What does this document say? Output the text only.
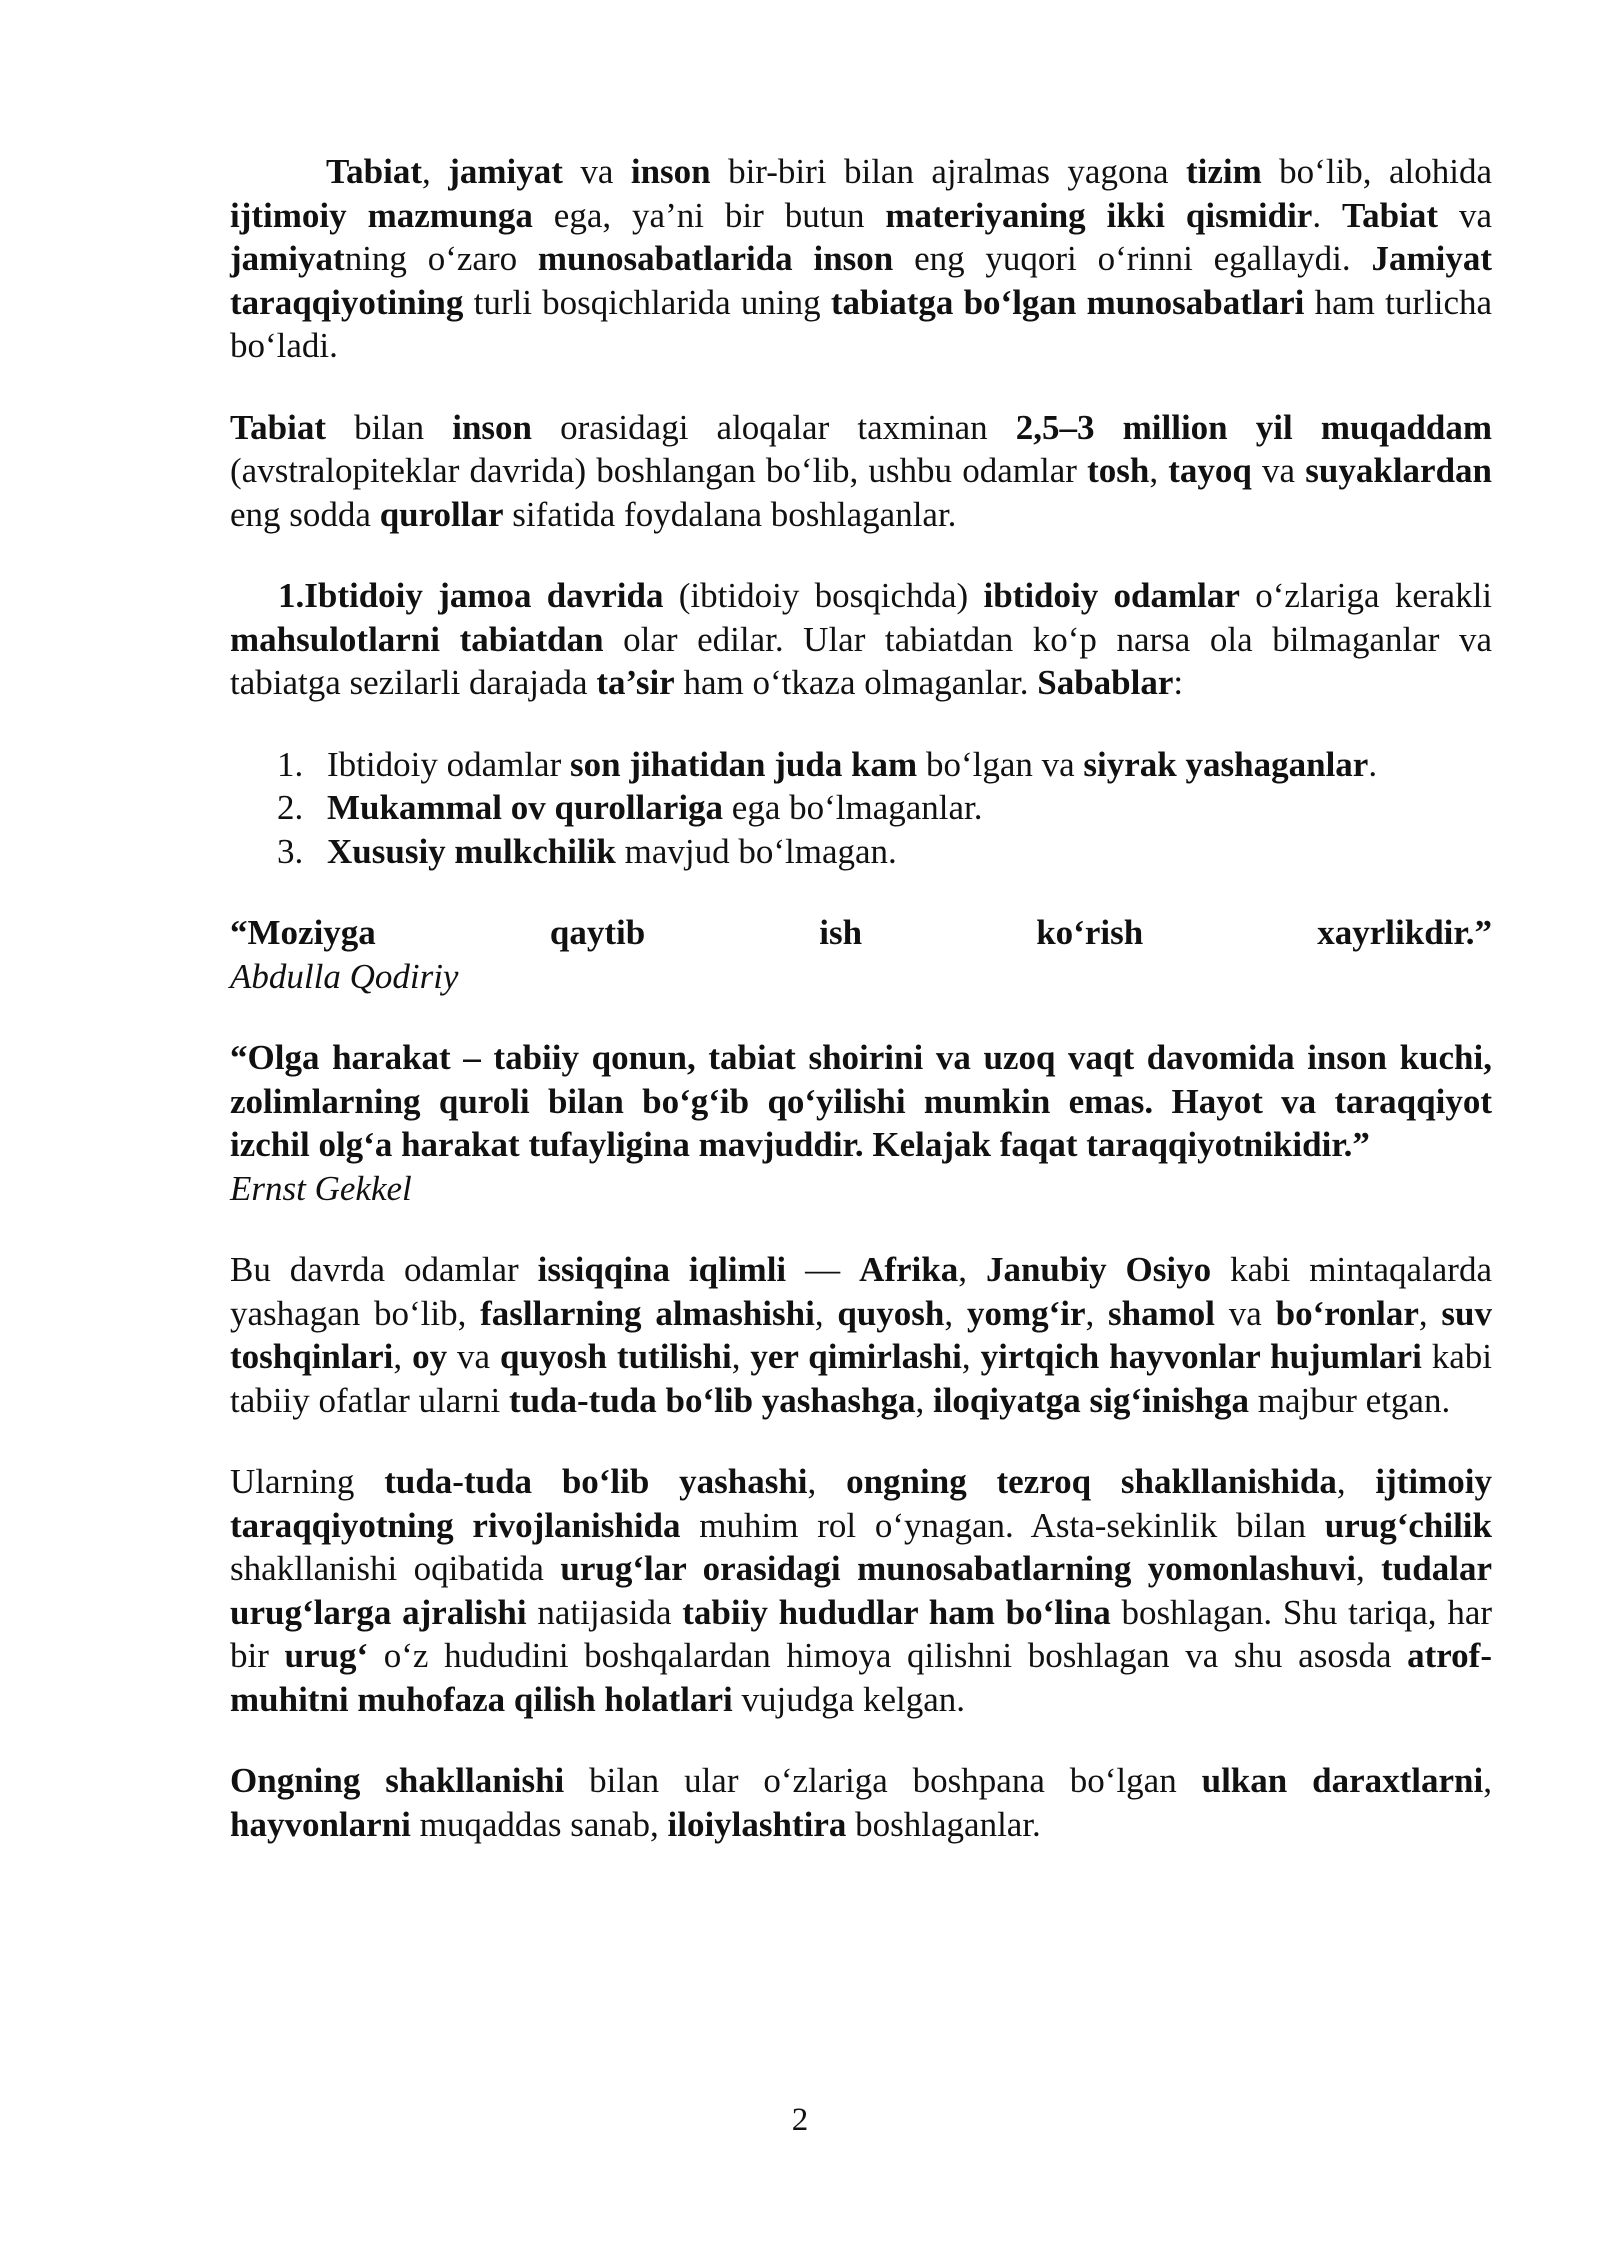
Tabiat, jamiyat va inson bir-biri bilan ajralmas yagona tizim bo‘lib, alohida ijtimoiy mazmunga ega, ya’ni bir butun materiyaning ikki qismidir. Tabiat va jamiyatning o‘zaro munosabatlarida inson eng yuqori o‘rinni egallaydi. Jamiyat taraqqiyotining turli bosqichlarida uning tabiatga bo‘lgan munosabatlari ham turlicha bo‘ladi.

Tabiat bilan inson orasidagi aloqalar taxminan 2,5–3 million yil muqaddam (avstralopiteklar davrida) boshlangan bo‘lib, ushbu odamlar tosh, tayoq va suyaklardan eng sodda qurollar sifatida foydalana boshlaganlar.

1.Ibtidoiy jamoa davrida (ibtidoiy bosqichda) ibtidoiy odamlar o‘zlariga kerakli mahsulotlarni tabiatdan olar edilar. Ular tabiatdan ko‘p narsa ola bilmaganlar va tabiatga sezilarli darajada ta’sir ham o‘tkaza olmaganlar. Sabablar:

1. Ibtidoiy odamlar son jihatidan juda kam bo‘lgan va siyrak yashaganlar.
2. Mukammal ov qurollariga ega bo‘lmaganlar.
3. Xususiy mulkchilik mavjud bo‘lmagan.
“Moziyga	qaytib	ish	ko‘rish	xayrlikdir.”
Abdulla Qodiriy
“Olga harakat – tabiiy qonun, tabiat shoirini va uzoq vaqt davomida inson kuchi, zolimlarning quroli bilan bo‘g‘ib qo‘yilishi mumkin emas. Hayot va taraqqiyot izchil olg‘a harakat tufayligina mavjuddir. Kelajak faqat taraqqiyotnikidir.”
Ernst Gekkel

Bu davrda odamlar issiqqina iqlimli — Afrika, Janubiy Osiyo kabi mintaqalarda yashagan bo‘lib, fasllarning almashishi, quyosh, yomg‘ir, shamol va bo‘ronlar, suv toshqinlari, oy va quyosh tutilishi, yer qimirlashi, yirtqich hayvonlar hujumlari kabi tabiiy ofatlar ularni tuda-tuda bo‘lib yashashga, iloqiyatga sig‘inishga majbur etgan.

Ularning tuda-tuda bo‘lib yashashi, ongning tezroq shakllanishida, ijtimoiy taraqqiyotning rivojlanishida muhim rol o‘ynagan. Asta-sekinlik bilan urug‘chilik shakllanishi oqibatida urug‘lar orasidagi munosabatlarning yomonlashuvi, tudalar urug‘larga ajralishi natijasida tabiiy hududlar ham bo‘lina boshlagan. Shu tariqa, har bir urug‘ o‘z hududini boshqalardan himoya qilishni boshlagan va shu asosda atrof-muhitni muhofaza qilish holatlari vujudga kelgan.

Ongning shakllanishi bilan ular o‘zlariga boshpana bo‘lgan ulkan daraxtlarni, hayvonlarni muqaddas sanab, iloiylashtira boshlaganlar.

2
